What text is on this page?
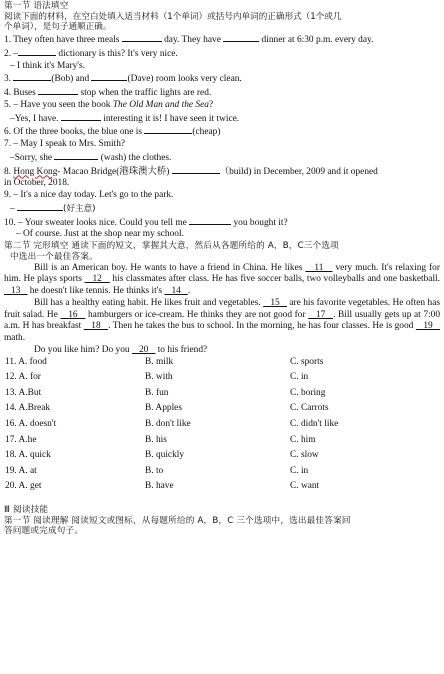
第一节 语法填空
阅读下面的材料，在空白处填入适当材料（1个单词）或括号内单词的正确形式（1个或几
个单词），是句子通顺正确。
1. They often have three meals	day. They have	dinner at 6:30 p.m. every day.
2. –	dictionary is this? It's very nice.
– I think it's Mary's.
3.	(Bob) and	(Dave) room looks very clean.
4. Buses	stop when the traffic lights are red.
5. – Have you seen the book The Old Man and the Sea?
–Yes, I have.	interesting it is! I have seen it twice.
6. Of the three books, the blue one is	(cheap)
7. – May I speak to Mrs. Smith?
–Sorry, she	(wash) the clothes.
8. Hong Kong- Macao Bridge(港珠澳大桥)	（build) in December, 2009 and it opened
in October, 2018.
9. – It's a nice day today. Let's go to the park.
–	(好主意)
10. – Your sweater looks nice. Could you tell me	you bought it?
– Of course. Just at the shop near my school.
第二节 完形填空 通读下面的短文，掌握其大意，然后从各题所给的 A，B，C三个选项
中选出一个最佳答案。

Bill is an American boy. He wants to have a friend in China. He likes    11    very much. It's relaxing for him. He plays sports    12    his classmates after class. He has five soccer balls, two volleyballs and one basketball.    13    he doesn't like tennis. He thinks it's    14 .

Bill has a healthy eating habit. He likes fruit and vegetables.    15    are his favorite vegetables. He often has fruit salad. He    16    hamburgers or ice-cream. He thinks they are not good for    17 . Bill usually gets up at 7:00 a.m. H has breakfast    18 . Then he takes the bus to school. In the morning, he has four classes. He is good    19    math.

Do you like him? Do you    20    to his friend?
11. A. food	B. milk	C. sports
12. A. for	B. with	C. in
13. A.But	B. fun	C. boring
14. A.Break	B. Apples	C. Carrots
16. A. doesn't	B. don't like	C. didn't like
17. A.he	B. his	C. him
18. A. quick	B. quickly	C. slow
19. A. at	B. to	C. in
20. A. get	B. have	C. want
Ⅲ 阅读技能
第一节 阅读理解 阅读短文或图标，从每题所给的 A，B，C 三个选项中，选出最佳答案回
答问题或完成句子。
